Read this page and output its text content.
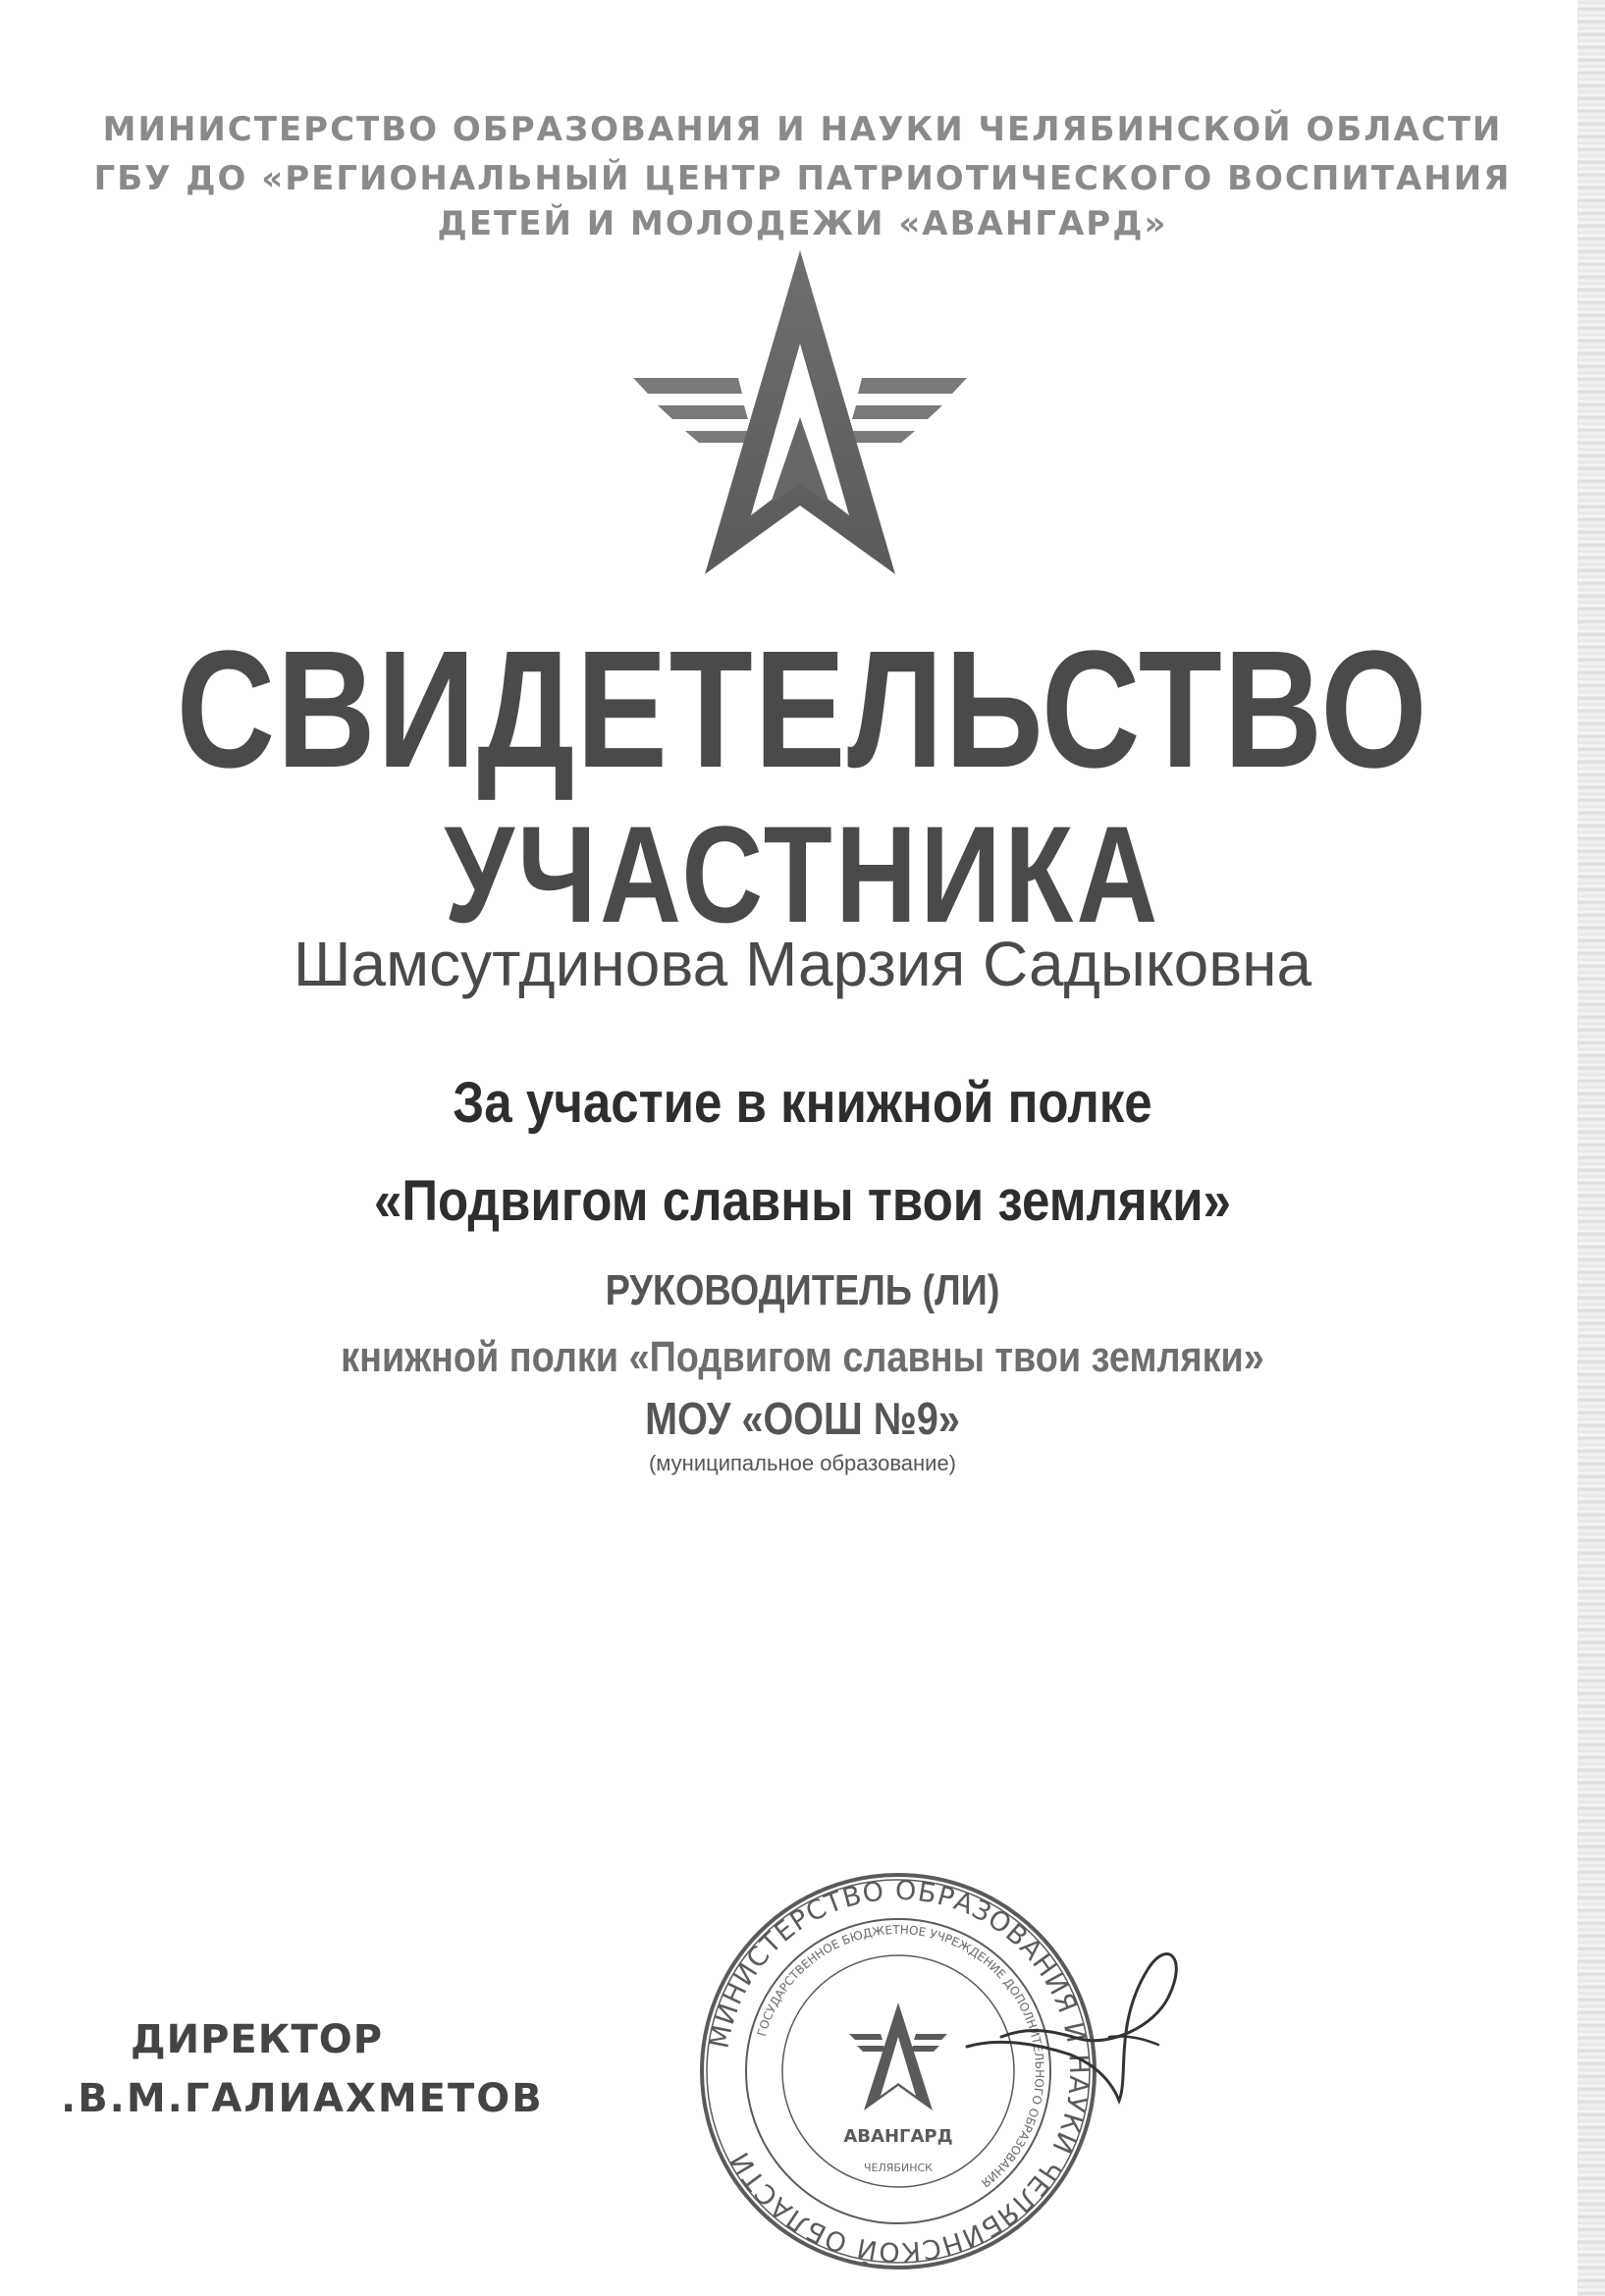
МИНИСТЕРСТВО ОБРАЗОВАНИЯ И НАУКИ ЧЕЛЯБИНСКОЙ ОБЛАСТИ
ГБУ ДО «РЕГИОНАЛЬНЫЙ ЦЕНТР ПАТРИОТИЧЕСКОГО ВОСПИТАНИЯ
ДЕТЕЙ И МОЛОДЕЖИ «АВАНГАРД»
СВИДЕТЕЛЬСТВО
УЧАСТНИКА
Шамсутдинова Марзия Садыковна
За участие в книжной полке
«Подвигом славны твои земляки»
РУКОВОДИТЕЛЬ (ЛИ)
книжной полки «Подвигом славны твои земляки»
МОУ «ООШ №9»
(муниципальное образование)
ДИРЕКТОР
.В.М.ГАЛИАХМЕТОВ
МИНИСТЕРСТВО ОБРАЗОВАНИЯ И НАУКИ ЧЕЛЯБИНСКОЙ ОБЛАСТИ
ГОСУДАРСТВЕННОЕ БЮДЖЕТНОЕ УЧРЕЖДЕНИЕ ДОПОЛНИТЕЛЬНОГО ОБРАЗОВАНИЯ
АВАНГАРД
ЧЕЛЯБИНСК
